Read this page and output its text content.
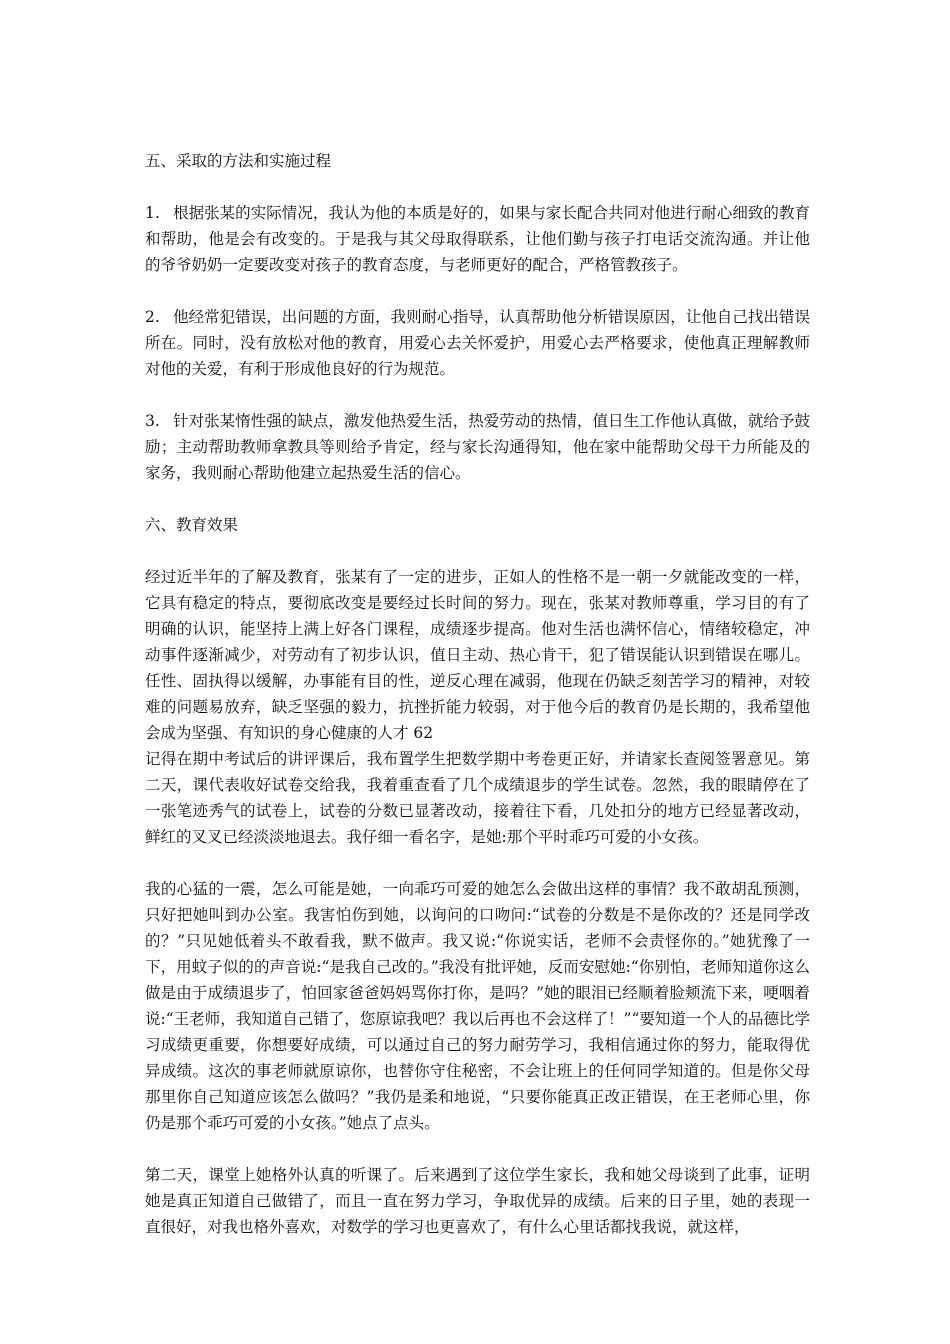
五、采取的方法和实施过程
1. 根据张某的实际情况，我认为他的本质是好的，如果与家长配合共同对他进行耐心细致的教育和帮助，他是会有改变的。于是我与其父母取得联系，让他们勤与孩子打电话交流沟通。并让他的爷爷奶奶一定要改变对孩子的教育态度，与老师更好的配合，严格管教孩子。
2. 他经常犯错误，出问题的方面，我则耐心指导，认真帮助他分析错误原因，让他自己找出错误所在。同时，没有放松对他的教育，用爱心去关怀爱护，用爱心去严格要求，使他真正理解教师对他的关爱，有利于形成他良好的行为规范。
3. 针对张某惰性强的缺点，激发他热爱生活，热爱劳动的热情，值日生工作他认真做，就给予鼓励；主动帮助教师拿教具等则给予肯定，经与家长沟通得知，他在家中能帮助父母干力所能及的家务，我则耐心帮助他建立起热爱生活的信心。
六、教育效果
经过近半年的了解及教育，张某有了一定的进步，正如人的性格不是一朝一夕就能改变的一样，它具有稳定的特点，要彻底改变是要经过长时间的努力。现在，张某对教师尊重，学习目的有了明确的认识，能坚持上满上好各门课程，成绩逐步提高。他对生活也满怀信心，情绪较稳定，冲动事件逐渐减少，对劳动有了初步认识，值日主动、热心肯干，犯了错误能认识到错误在哪儿。任性、固执得以缓解，办事能有目的性，逆反心理在减弱，他现在仍缺乏刻苦学习的精神，对较难的问题易放弃，缺乏坚强的毅力，抗挫折能力较弱，对于他今后的教育仍是长期的，我希望他会成为坚强、有知识的身心健康的人才 62
记得在期中考试后的讲评课后，我布置学生把数学期中考卷更正好，并请家长查阅签署意见。第二天，课代表收好试卷交给我，我着重查看了几个成绩退步的学生试卷。忽然，我的眼睛停在了一张笔迹秀气的试卷上，试卷的分数已显著改动，接着往下看，几处扣分的地方已经显著改动，鲜红的叉叉已经淡淡地退去。我仔细一看名字，是她:那个平时乖巧可爱的小女孩。
我的心猛的一震，怎么可能是她，一向乖巧可爱的她怎么会做出这样的事情？我不敢胡乱预测，只好把她叫到办公室。我害怕伤到她，以询问的口吻问:“试卷的分数是不是你改的？还是同学改的？”只见她低着头不敢看我，默不做声。我又说:“你说实话，老师不会责怪你的。”她犹豫了一下，用蚊子似的的声音说:“是我自己改的。”我没有批评她，反而安慰她:“你别怕，老师知道你这么做是由于成绩退步了，怕回家爸爸妈妈骂你打你，是吗？”她的眼泪已经顺着脸颊流下来，哽咽着说:“王老师，我知道自己错了，您原谅我吧？我以后再也不会这样了！”“要知道一个人的品德比学习成绩更重要，你想要好成绩，可以通过自己的努力耐劳学习，我相信通过你的努力，能取得优异成绩。这次的事老师就原谅你，也替你守住秘密，不会让班上的任何同学知道的。但是你父母那里你自己知道应该怎么做吗？”我仍是柔和地说，“只要你能真正改正错误，在王老师心里，你仍是那个乖巧可爱的小女孩。”她点了点头。
第二天，课堂上她格外认真的听课了。后来遇到了这位学生家长，我和她父母谈到了此事，证明她是真正知道自己做错了，而且一直在努力学习，争取优异的成绩。后来的日子里，她的表现一直很好，对我也格外喜欢，对数学的学习也更喜欢了，有什么心里话都找我说，就这样，
